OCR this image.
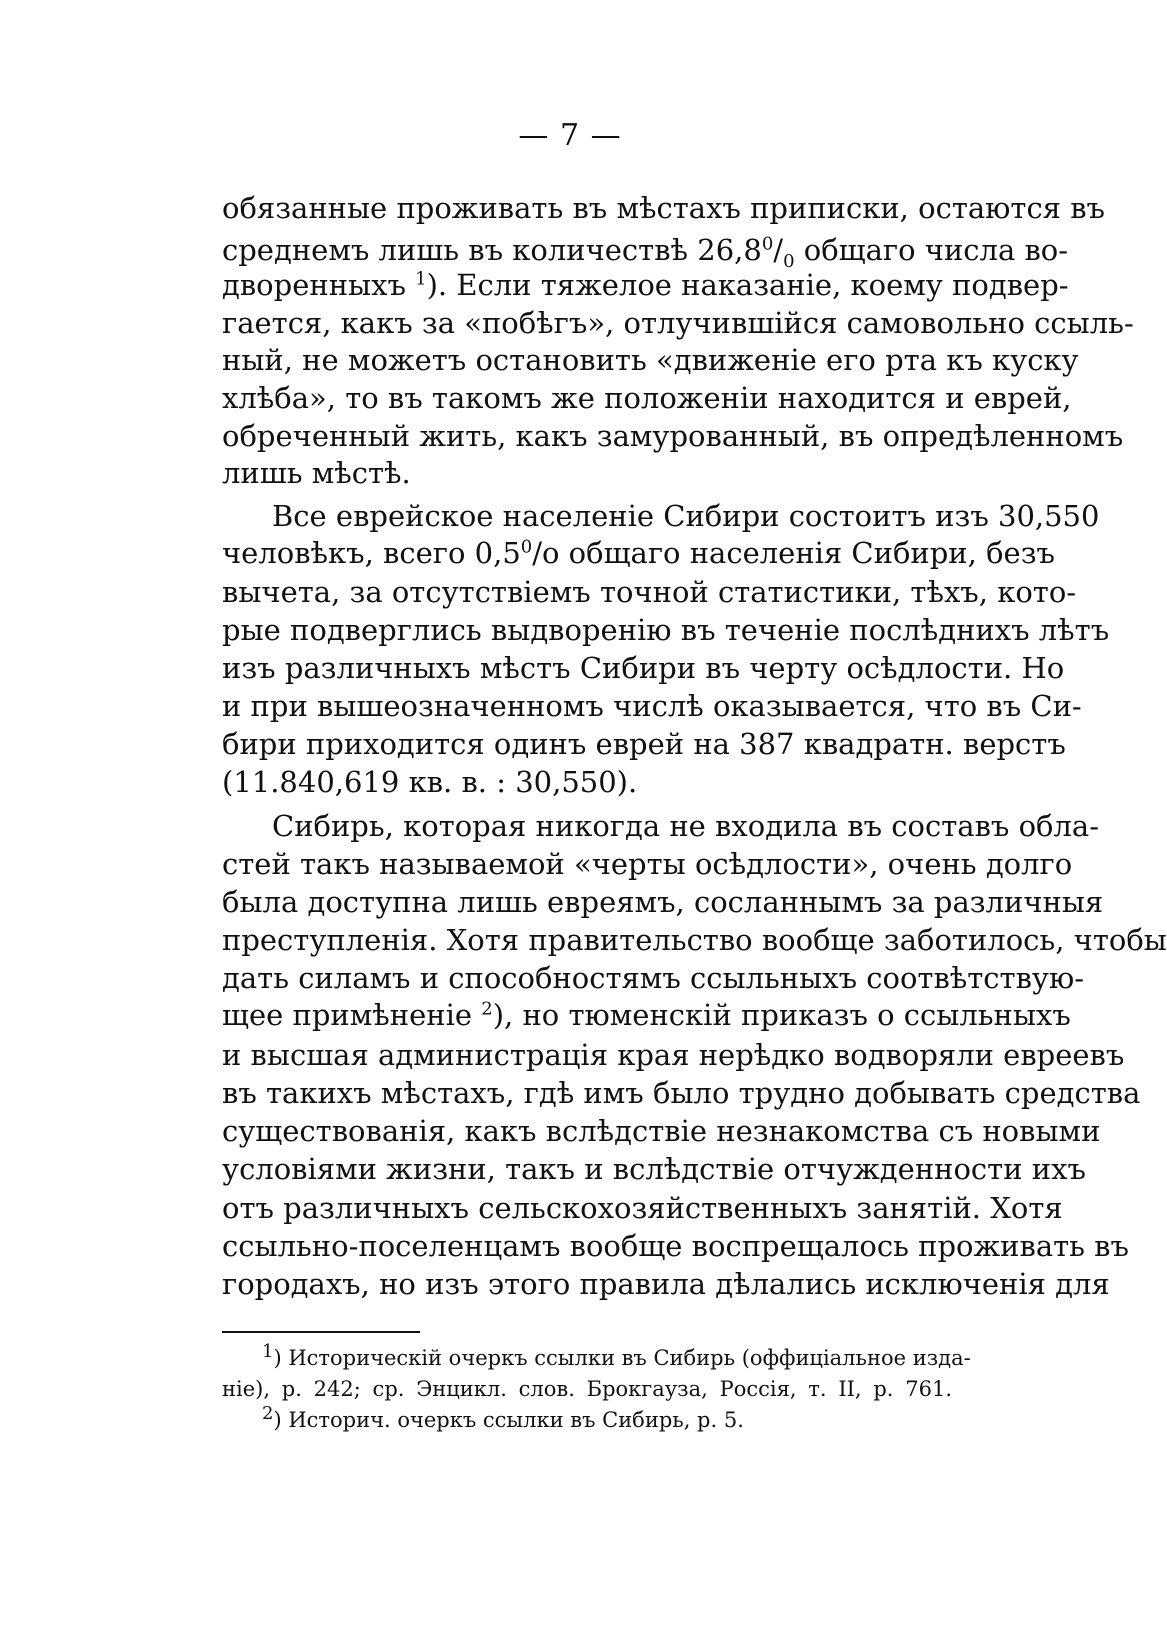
— 7 —
обязанные проживать въ мѣстахъ приписки, остаются въ
среднемъ лишь въ количествѣ $26,8^0/_0$ общаго числа во-
дворенныхъ $^1$). Если тяжелое наказаніе, коему подвер-
гается, какъ за «побѣгъ», отлучившійся самовольно ссыль-
ный, не можетъ остановить «движеніе его рта къ куску
хлѣба», то въ такомъ же положеніи находится и еврей,
обреченный жить, какъ замурованный, въ опредѣленномъ
лишь мѣстѣ.
Все еврейское населеніе Сибири состоитъ изъ 30,550
человѣкъ, всего $0,5^0/o$ общаго населенія Сибири, безъ
вычета, за отсутствіемъ точной статистики, тѣхъ, кото-
рые подверглись выдворенію въ теченіе послѣднихъ лѣтъ
изъ различныхъ мѣстъ Сибири въ черту осѣдлости. Но
и при вышеозначенномъ числѣ оказывается, что въ Си-
бири приходится одинъ еврей на 387 квадратн. верстъ
(11.840,619 кв. в. : 30,550).
Сибирь, которая никогда не входила въ составъ обла-
стей такъ называемой «черты осѣдлости», очень долго
была доступна лишь евреямъ, сосланнымъ за различныя
преступленія. Хотя правительство вообще заботилось, чтобы
дать силамъ и способностямъ ссыльныхъ соотвѣтствую-
щее примѣненіе $^2$), но тюменскій приказъ о ссыльныхъ
и высшая администрація края нерѣдко водворяли евреевъ
въ такихъ мѣстахъ, гдѣ имъ было трудно добывать средства
существованія, какъ вслѣдствіе незнакомства съ новыми
условіями жизни, такъ и вслѣдствіе отчужденности ихъ
отъ различныхъ сельскохозяйственныхъ занятій. Хотя
ссыльно-поселенцамъ вообще воспрещалось проживать въ
городахъ, но изъ этого правила дѣлались исключенія для
$^1$) Историческій очеркъ ссылки въ Сибирь (оффиціальное изда-
ніе), р. 242; ср. Энцикл. слов. Брокгауза, Россія, т. II, р. 761.
$^2$) Историч. очеркъ ссылки въ Сибирь, р. 5.
